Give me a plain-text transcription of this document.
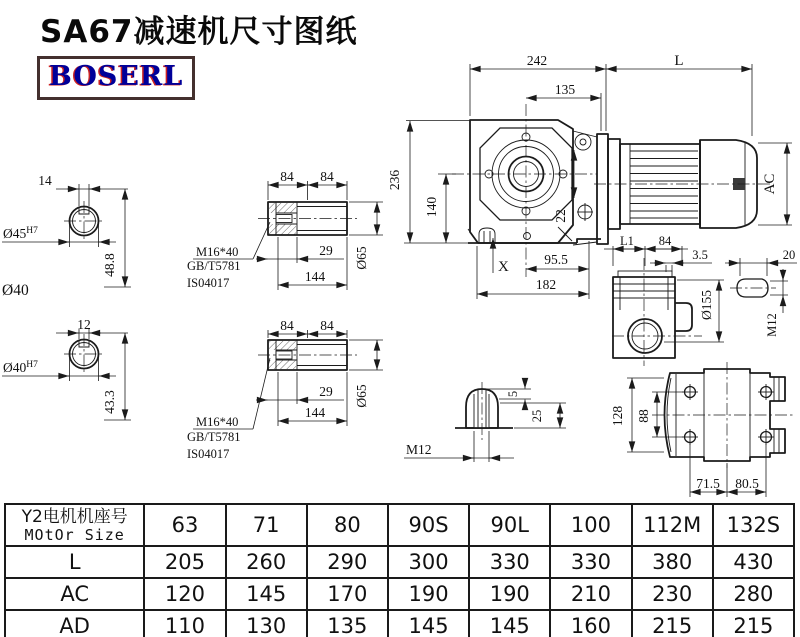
14
$Ø45^{H7}$
48.8
Ø40
12
$Ø40^{H7}$
43.3
84 84
29
144
Ø65
M16*40
GB/T5781
IS04017
84 84
29
144
Ø65
M16*40
GB/T5781
IS04017
22
242	L
135
236
140
AC
95.5
182
X
L1 84
3.5
Ø155
20
M12
128 88
71.5 80.5
M12
5
25
SA67减速机尺寸图纸
BOSERL
Y2电机机座号
MOtOr Size	63	71	80	90S	90L	100	112M	132S
L	205	260	290	300	330	330	380	430
AC	120	145	170	190	190	210	230	280
AD	110	130	135	145	145	160	215	215
